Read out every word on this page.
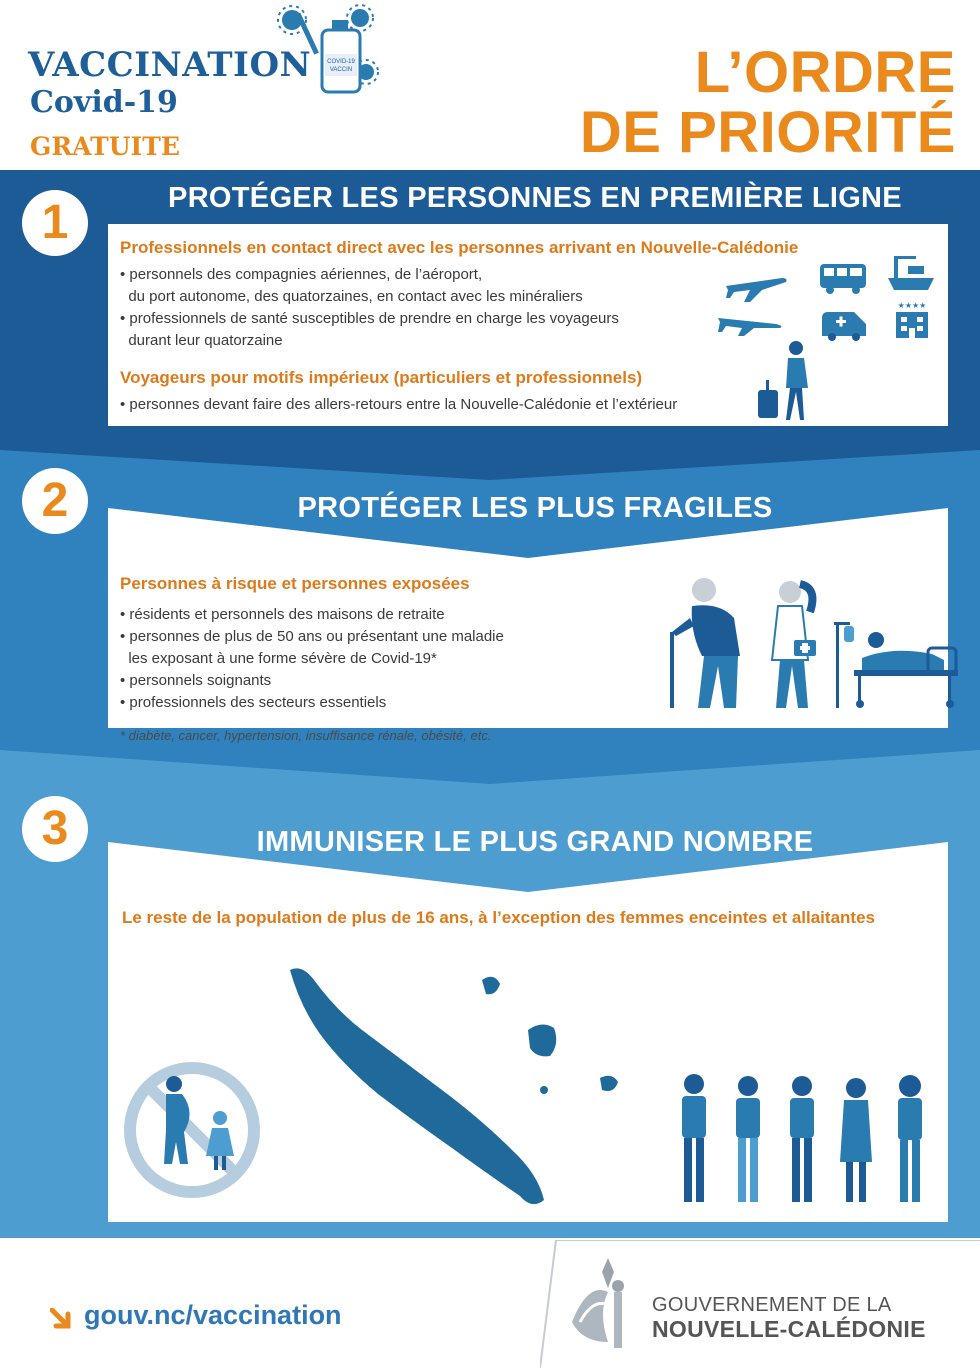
VACCINATION
Covid-19
GRATUITE
COVID-19
VACCIN	L’ORDRE
DE PRIORITÉ
1	PROTÉGER LES PERSONNES EN PREMIÈRE LIGNE
Professionnels en contact direct avec les personnes arrivant en Nouvelle-Calédonie
• personnels des compagnies aériennes, de l’aéroport,
du port autonome, des quatorzaines, en contact avec les minéraliers
• professionnels de santé susceptibles de prendre en charge les voyageurs
durant leur quatorzaine
Voyageurs pour motifs impérieux (particuliers et professionnels)
• personnes devant faire des allers-retours entre la Nouvelle-Calédonie et l’extérieur
★★★★
2	PROTÉGER LES PLUS FRAGILES
Personnes à risque et personnes exposées
• résidents et personnels des maisons de retraite
• personnes de plus de 50 ans ou présentant une maladie
les exposant à une forme sévère de Covid-19*
• personnels soignants
• professionnels des secteurs essentiels
* diabète, cancer, hypertension, insuffisance rénale, obésité, etc.
3	IMMUNISER LE PLUS GRAND NOMBRE
Le reste de la population de plus de 16 ans, à l’exception des femmes enceintes et allaitantes
gouv.nc/vaccination	GOUVERNEMENT DE LA
NOUVELLE-CALÉDONIE
